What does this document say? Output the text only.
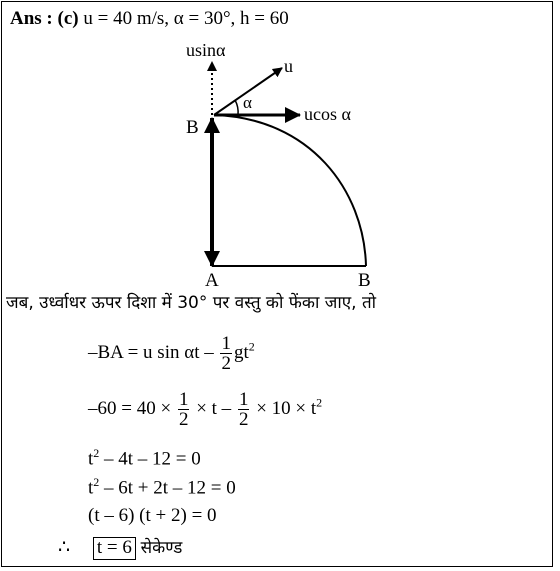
Ans : (c) u = 40 m/s, α = 30°, h = 60
usinα
u
α
ucos α
B
A	B
जब, उर्ध्वाधर ऊपर दिशा में 30° पर वस्तु को फेंका जाए, तो
–BA = u sin αt – $\frac{1}{2} gt^2$
$-60 = 40 \times \frac{1}{2} \times t - \frac{1}{2} \times 10 \times t^2$
$t^2 - 4t - 12 = 0$
$t^2 - 6t + 2t - 12 = 0$
(t – 6) (t + 2) = 0
∴ t = 6 सेकेण्ड
